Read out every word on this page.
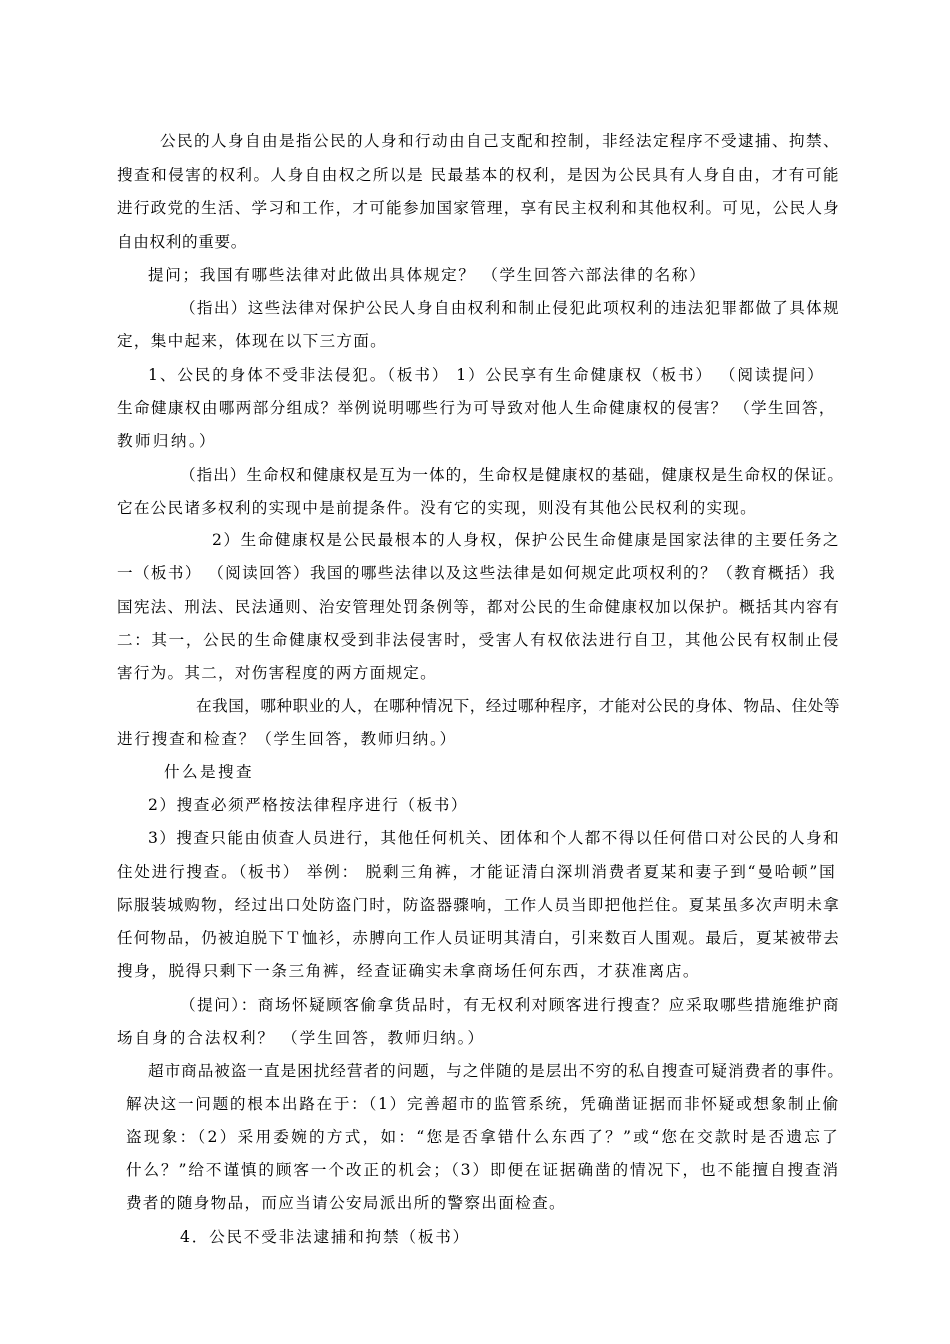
公民的人身自由是指公民的人身和行动由自己支配和控制，非经法定程序不受逮捕、拘禁、
搜查和侵害的权利。人身自由权之所以是 民最基本的权利，是因为公民具有人身自由，才有可能
进行政党的生活、学习和工作，才可能参加国家管理，享有民主权利和其他权利。可见，公民人身
自由权利的重要。
提问；我国有哪些法律对此做出具体规定？ （学生回答六部法律的名称）
（指出）这些法律对保护公民人身自由权利和制止侵犯此项权利的违法犯罪都做了具体规
定，集中起来，体现在以下三方面。
1、公民的身体不受非法侵犯。（板书） 1）公民享有生命健康权（板书） （阅读提问）
生命健康权由哪两部分组成？举例说明哪些行为可导致对他人生命健康权的侵害？ （学生回答，
教师归纳。）
（指出）生命权和健康权是互为一体的，生命权是健康权的基础，健康权是生命权的保证。
它在公民诸多权利的实现中是前提条件。没有它的实现，则没有其他公民权利的实现。
2）生命健康权是公民最根本的人身权，保护公民生命健康是国家法律的主要任务之
一（板书） （阅读回答）我国的哪些法律以及这些法律是如何规定此项权利的？（教育概括）我
国宪法、刑法、民法通则、治安管理处罚条例等，都对公民的生命健康权加以保护。概括其内容有
二：其一，公民的生命健康权受到非法侵害时，受害人有权依法进行自卫，其他公民有权制止侵
害行为。其二，对伤害程度的两方面规定。
在我国，哪种职业的人，在哪种情况下，经过哪种程序，才能对公民的身体、物品、住处等
进行搜查和检查？（学生回答，教师归纳。）
什么是搜查
2）搜查必须严格按法律程序进行（板书）
3）搜查只能由侦查人员进行，其他任何机关、团体和个人都不得以任何借口对公民的人身和
住处进行搜查。（板书） 举例： 脱剩三角裤，才能证清白深圳消费者夏某和妻子到“曼哈顿”国
际服装城购物，经过出口处防盗门时，防盗器骤响，工作人员当即把他拦住。夏某虽多次声明未拿
任何物品，仍被迫脱下Ｔ恤衫，赤膊向工作人员证明其清白，引来数百人围观。最后，夏某被带去
搜身，脱得只剩下一条三角裤，经查证确实未拿商场任何东西，才获准离店。
（提问）：商场怀疑顾客偷拿货品时，有无权利对顾客进行搜查？应采取哪些措施维护商
场自身的合法权利？ （学生回答，教师归纳。）
超市商品被盗一直是困扰经营者的问题，与之伴随的是层出不穷的私自搜查可疑消费者的事件。
解决这一问题的根本出路在于：（1）完善超市的监管系统，凭确凿证据而非怀疑或想象制止偷
盗现象：（2）采用委婉的方式，如：“您是否拿错什么东西了？”或“您在交款时是否遗忘了
什么？”给不谨慎的顾客一个改正的机会；（3）即便在证据确凿的情况下，也不能擅自搜查消
费者的随身物品，而应当请公安局派出所的警察出面检查。
4．公民不受非法逮捕和拘禁（板书）
